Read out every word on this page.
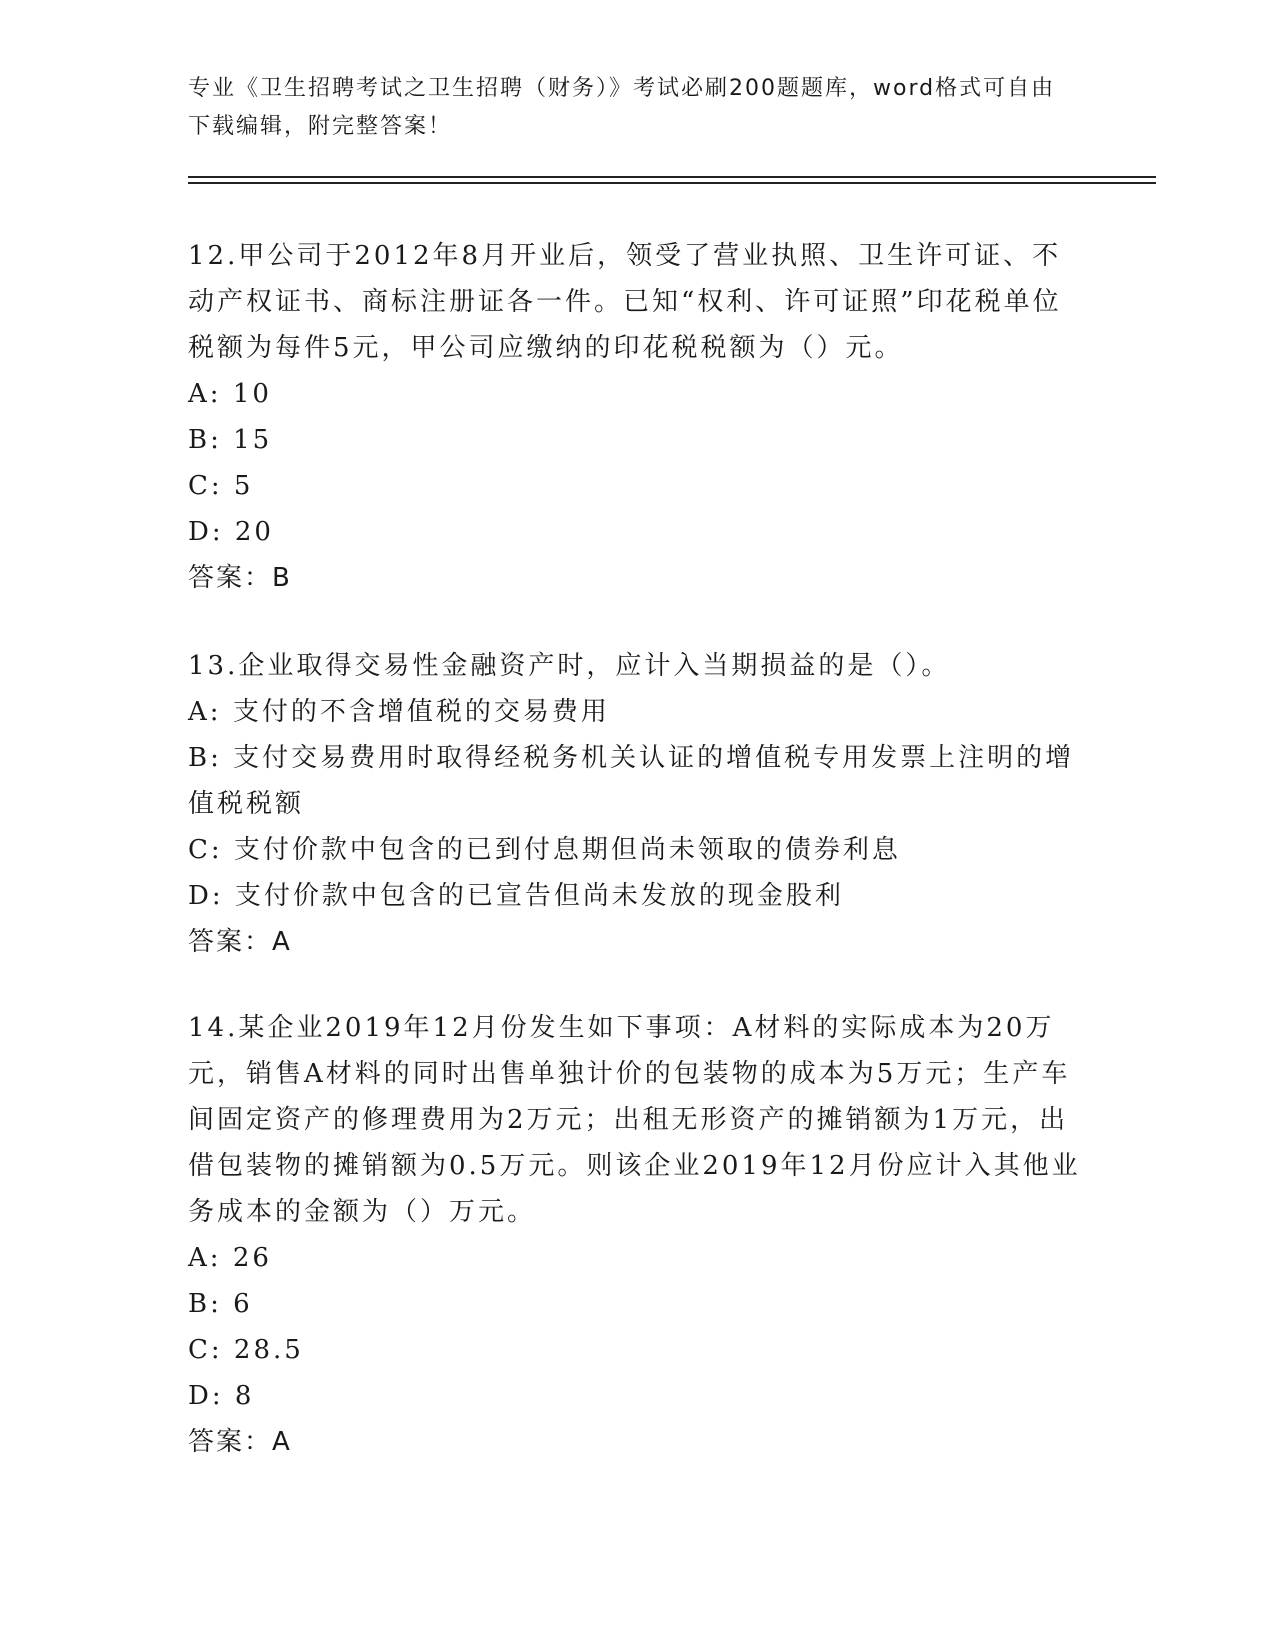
专业《卫生招聘考试之卫生招聘（财务）》考试必刷200题题库，word格式可自由下载编辑，附完整答案！

12.甲公司于2012年8月开业后，领受了营业执照、卫生许可证、不动产权证书、商标注册证各一件。已知“权利、许可证照”印花税单位税额为每件5元，甲公司应缴纳的印花税税额为（）元。

A: 10

B: 15

C: 5

D: 20

答案：B

13.企业取得交易性金融资产时，应计入当期损益的是（）。

A: 支付的不含增值税的交易费用

B: 支付交易费用时取得经税务机关认证的增值税专用发票上注明的增值税税额

C: 支付价款中包含的已到付息期但尚未领取的债券利息

D: 支付价款中包含的已宣告但尚未发放的现金股利

答案：A

14.某企业2019年12月份发生如下事项：A材料的实际成本为20万元，销售A材料的同时出售单独计价的包装物的成本为5万元；生产车间固定资产的修理费用为2万元；出租无形资产的摊销额为1万元，出借包装物的摊销额为0.5万元。则该企业2019年12月份应计入其他业务成本的金额为（）万元。

A: 26

B: 6

C: 28.5

D: 8

答案：A
